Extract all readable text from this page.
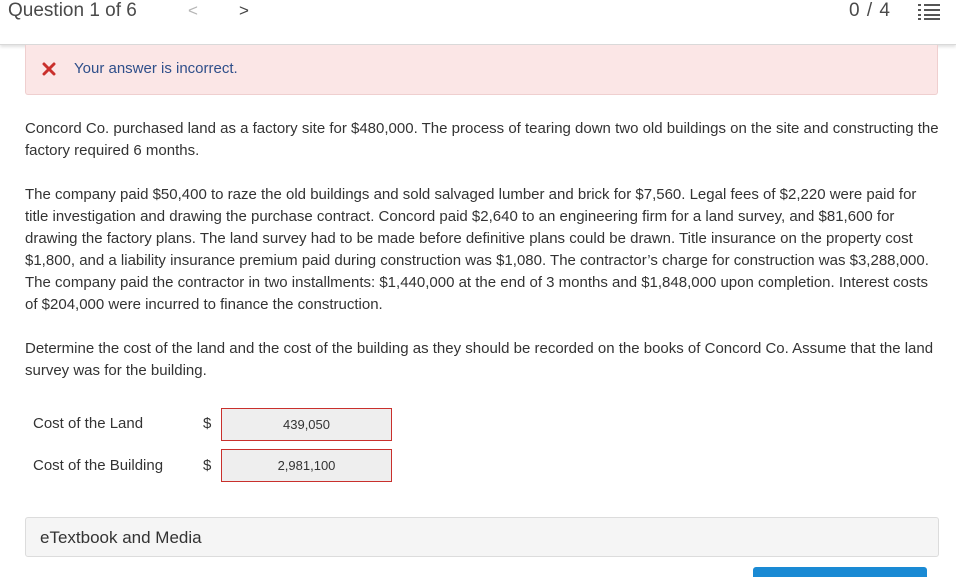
Question 1 of 6	<	>	0 / 4
Your answer is incorrect.

Concord Co. purchased land as a factory site for $480,000. The process of tearing down two old buildings on the site and constructing the factory required 6 months.

The company paid $50,400 to raze the old buildings and sold salvaged lumber and brick for $7,560. Legal fees of $2,220 were paid for title investigation and drawing the purchase contract. Concord paid $2,640 to an engineering firm for a land survey, and $81,600 for drawing the factory plans. The land survey had to be made before definitive plans could be drawn. Title insurance on the property cost $1,800, and a liability insurance premium paid during construction was $1,080. The contractor’s charge for construction was $3,288,000. The company paid the contractor in two installments: $1,440,000 at the end of 3 months and $1,848,000 upon completion. Interest costs of $204,000 were incurred to finance the construction.

Determine the cost of the land and the cost of the building as they should be recorded on the books of Concord Co. Assume that the land survey was for the building.

Cost of the Land	$	439,050
Cost of the Building	$	2,981,100
eTextbook and Media
